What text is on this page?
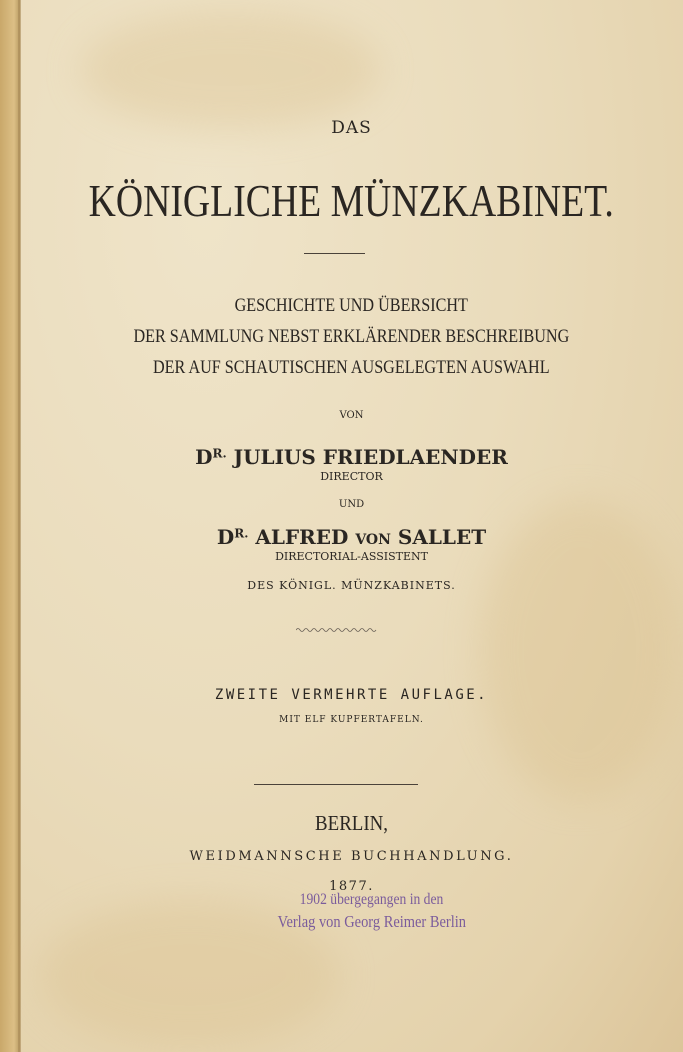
DAS
KÖNIGLICHE MÜNZKABINET.
GESCHICHTE UND ÜBERSICHT
DER SAMMLUNG NEBST ERKLÄRENDER BESCHREIBUNG
DER AUF SCHAUTISCHEN AUSGELEGTEN AUSWAHL
VON
$D^{R.}$ JULIUS FRIEDLAENDER
DIRECTOR
UND
$D^{R.}$ ALFRED VON SALLET
DIRECTORIAL-ASSISTENT
DES KÖNIGL. MÜNZKABINETS.
ZWEITE VERMEHRTE AUFLAGE.
MIT ELF KUPFERTAFELN.
BERLIN,
WEIDMANNSCHE BUCHHANDLUNG.
1877.
1902 übergegangen in den
Verlag von Georg Reimer Berlin
